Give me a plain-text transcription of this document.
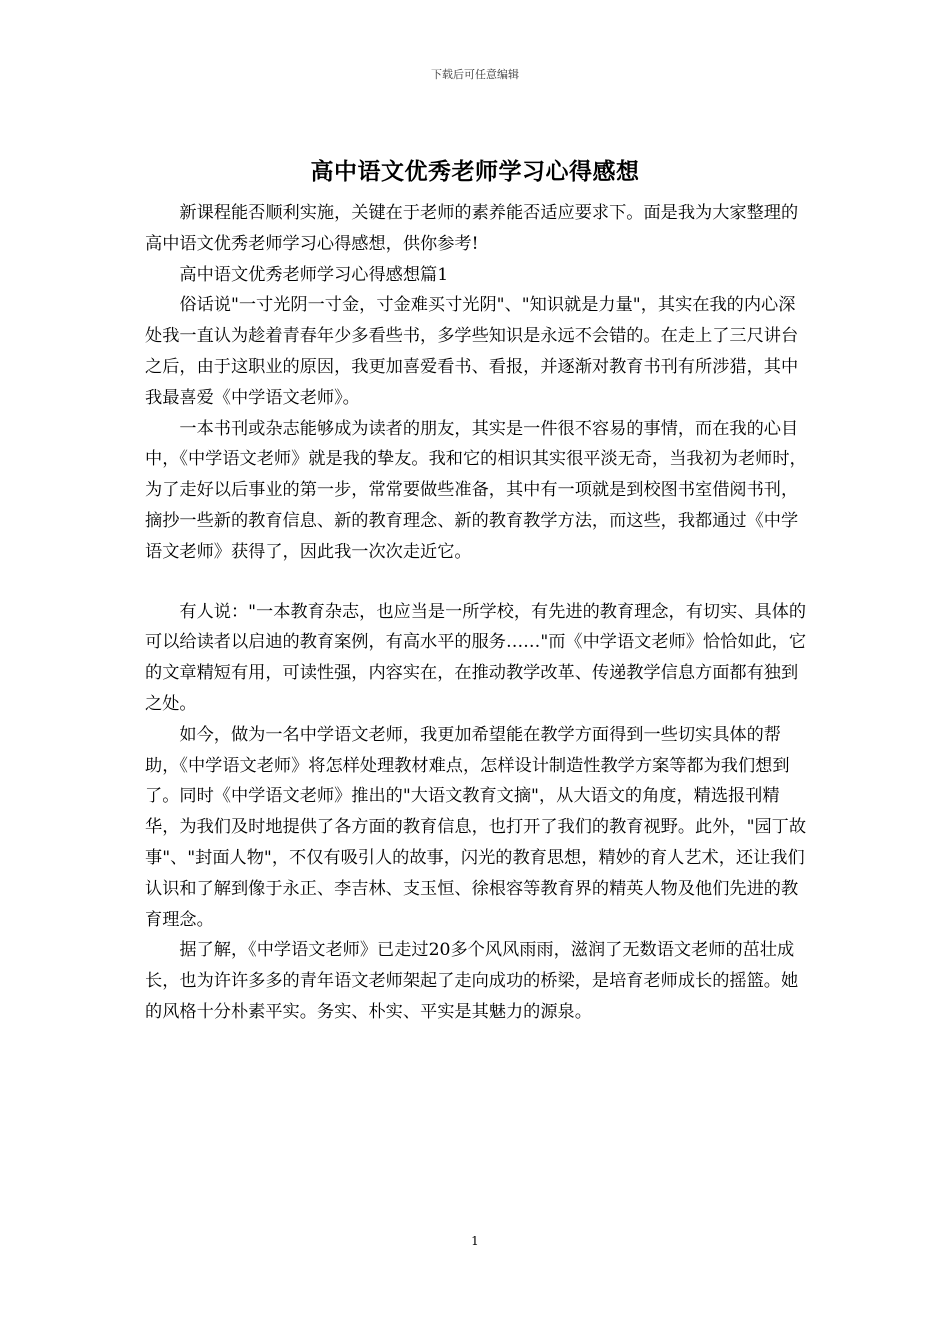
下载后可任意编辑
高中语文优秀老师学习心得感想

新课程能否顺利实施，关键在于老师的素养能否适应要求下。面是我为大家整理的高中语文优秀老师学习心得感想，供你参考!

高中语文优秀老师学习心得感想篇1

俗话说"一寸光阴一寸金，寸金难买寸光阴"、"知识就是力量"，其实在我的内心深处我一直认为趁着青春年少多看些书，多学些知识是永远不会错的。在走上了三尺讲台之后，由于这职业的原因，我更加喜爱看书、看报，并逐渐对教育书刊有所涉猎，其中我最喜爱《中学语文老师》。

一本书刊或杂志能够成为读者的朋友，其实是一件很不容易的事情，而在我的心目中，《中学语文老师》就是我的挚友。我和它的相识其实很平淡无奇，当我初为老师时，为了走好以后事业的第一步，常常要做些准备，其中有一项就是到校图书室借阅书刊，摘抄一些新的教育信息、新的教育理念、新的教育教学方法，而这些，我都通过《中学语文老师》获得了，因此我一次次走近它。

有人说："一本教育杂志，也应当是一所学校，有先进的教育理念，有切实、具体的可以给读者以启迪的教育案例，有高水平的服务……"而《中学语文老师》恰恰如此，它的文章精短有用，可读性强，内容实在，在推动教学改革、传递教学信息方面都有独到之处。

如今，做为一名中学语文老师，我更加希望能在教学方面得到一些切实具体的帮助，《中学语文老师》将怎样处理教材难点，怎样设计制造性教学方案等都为我们想到了。同时《中学语文老师》推出的"大语文教育文摘"，从大语文的角度，精选报刊精华，为我们及时地提供了各方面的教育信息，也打开了我们的教育视野。此外，"园丁故事"、"封面人物"，不仅有吸引人的故事，闪光的教育思想，精妙的育人艺术，还让我们认识和了解到像于永正、李吉林、支玉恒、徐根容等教育界的精英人物及他们先进的教育理念。

据了解，《中学语文老师》已走过20多个风风雨雨，滋润了无数语文老师的茁壮成长，也为许许多多的青年语文老师架起了走向成功的桥梁，是培育老师成长的摇篮。她的风格十分朴素平实。务实、朴实、平实是其魅力的源泉。

1
